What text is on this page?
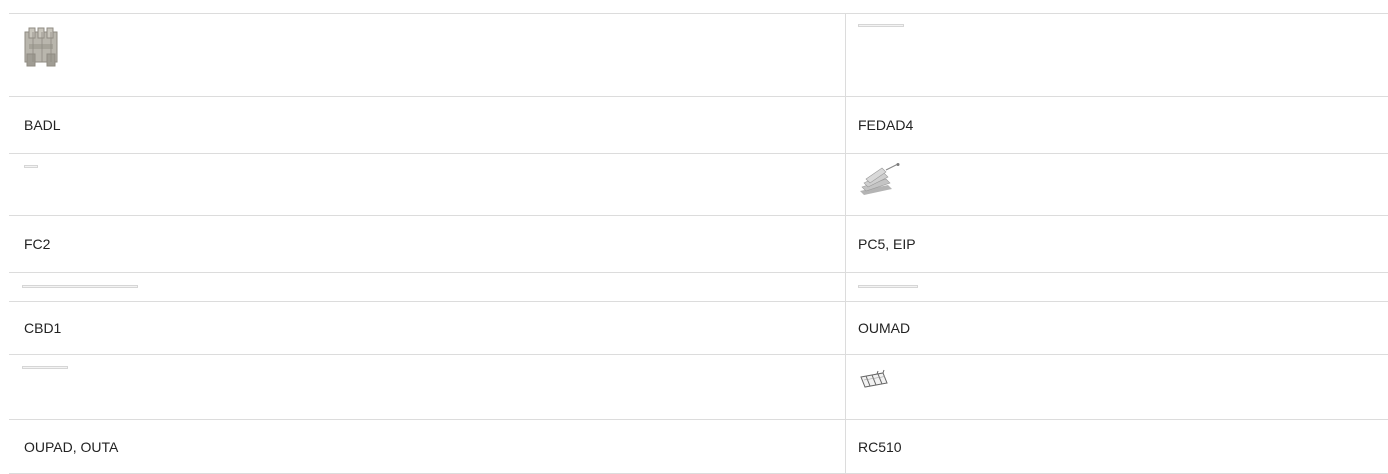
BADL	FEDAD4

FC2	PC5, EIP

CBD1	OUMAD

OUPAD, OUTA	RC510
